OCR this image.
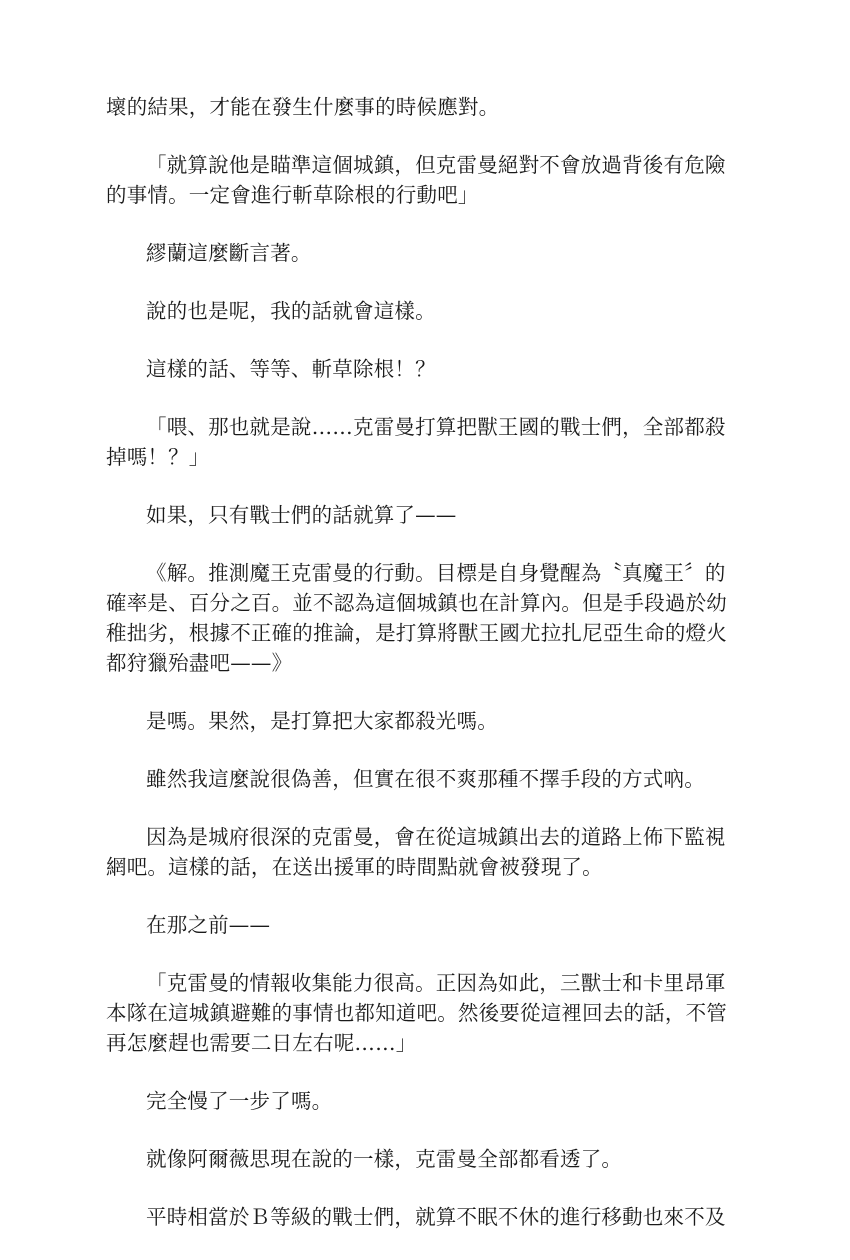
壞的結果，才能在發生什麼事的時候應對。

「就算說他是瞄準這個城鎮，但克雷曼絕對不會放過背後有危險的事情。一定會進行斬草除根的行動吧」

繆蘭這麼斷言著。

說的也是呢，我的話就會這樣。

這樣的話、等等、斬草除根！？

「喂、那也就是說……克雷曼打算把獸王國的戰士們，全部都殺掉嗎！？」

如果，只有戰士們的話就算了——

《解。推測魔王克雷曼的行動。目標是自身覺醒為〝真魔王〞的確率是、百分之百。並不認為這個城鎮也在計算內。但是手段過於幼稚拙劣，根據不正確的推論，是打算將獸王國尤拉扎尼亞生命的燈火都狩獵殆盡吧——》

是嗎。果然，是打算把大家都殺光嗎。

雖然我這麼說很偽善，但實在很不爽那種不擇手段的方式吶。

因為是城府很深的克雷曼，會在從這城鎮出去的道路上佈下監視網吧。這樣的話，在送出援軍的時間點就會被發現了。

在那之前——

「克雷曼的情報收集能力很高。正因為如此，三獸士和卡里昂軍本隊在這城鎮避難的事情也都知道吧。然後要從這裡回去的話，不管再怎麼趕也需要二日左右呢……」

完全慢了一步了嗎。

就像阿爾薇思現在說的一樣，克雷曼全部都看透了。

平時相當於Ｂ等級的戰士們，就算不眠不休的進行移動也來不及
